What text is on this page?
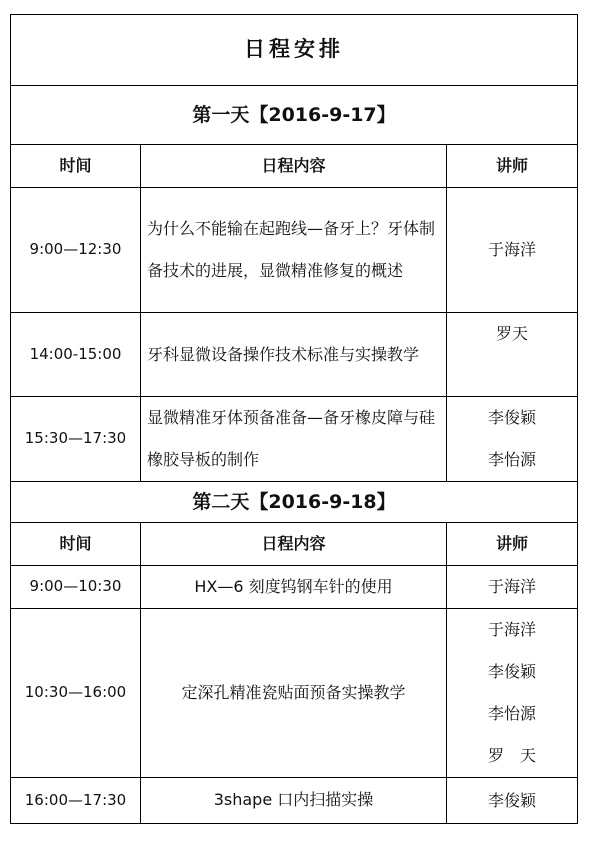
日程安排		
第一天【2016-9-17】		
时间	日程内容	讲师
9:00—12:30	为什么不能输在起跑线—备牙上？牙体制备技术的进展，显微精准修复的概述	于海洋

14:00-15:00	牙科显微设备操作技术标准与实操教学	罗天

15:30—17:30	显微精准牙体预备准备—备牙橡皮障与硅橡胶导板的制作	李俊颖
李怡源

第二天【2016-9-18】		
时间	日程内容	讲师
9:00—10:30	HX—6 刻度钨钢车针的使用	于海洋

10:30—16:00	定深孔精准瓷贴面预备实操教学	于海洋
李俊颖
李怡源
罗　天

16:00—17:30	3shape 口内扫描实操	李俊颖
